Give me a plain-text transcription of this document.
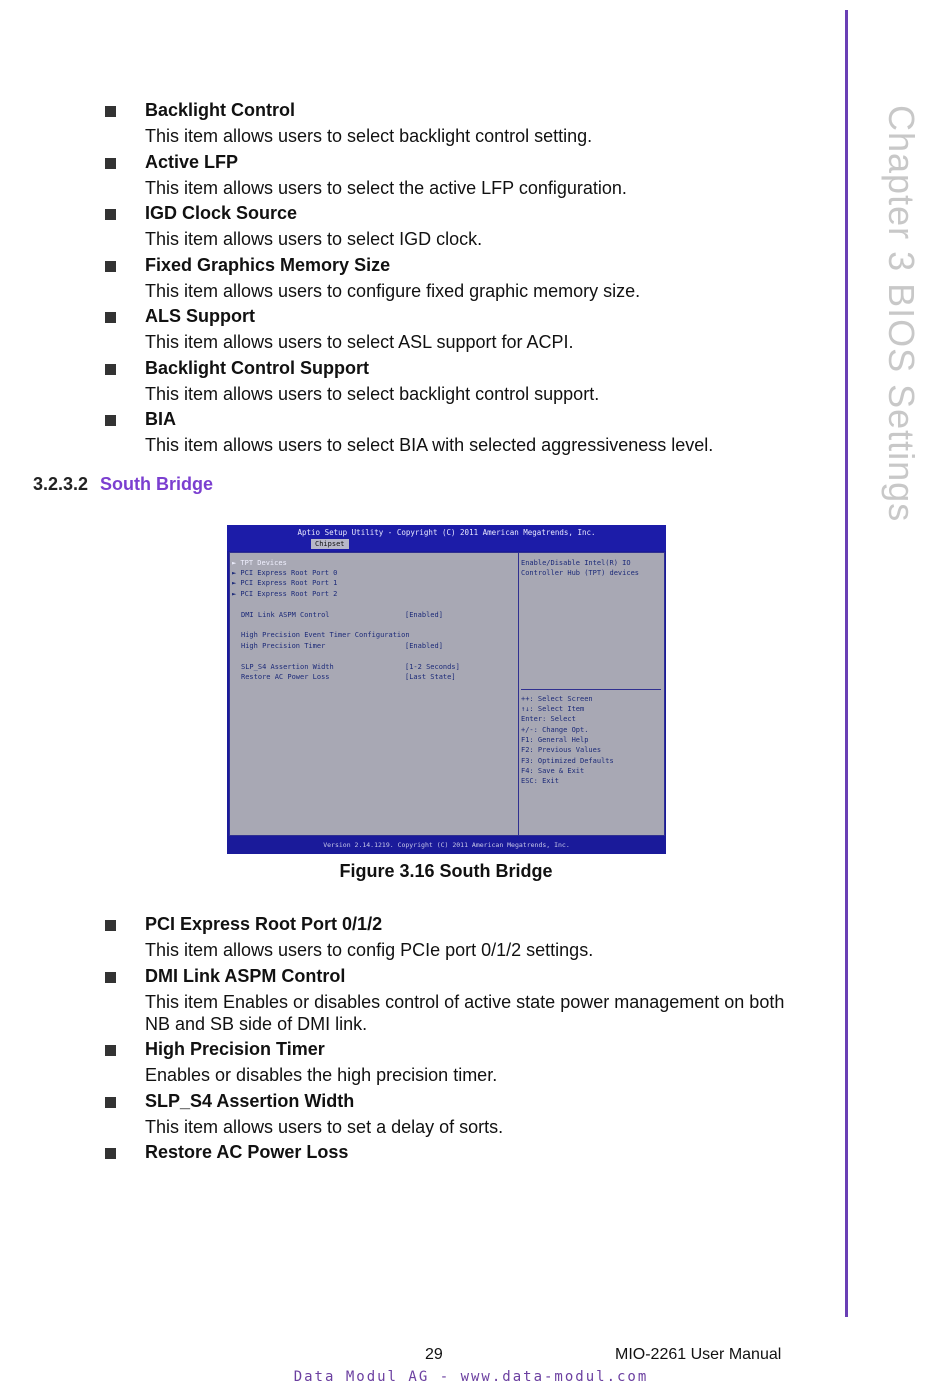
Chapter 3 BIOS Settings
Backlight Control
This item allows users to select backlight control setting.
Active LFP
This item allows users to select the active LFP configuration.
IGD Clock Source
This item allows users to select IGD clock.
Fixed Graphics Memory Size
This item allows users to configure fixed graphic memory size.
ALS Support
This item allows users to select ASL support for ACPI.
Backlight Control Support
This item allows users to select backlight control support.
BIA
This item allows users to select BIA with selected aggressiveness level.
3.2.3.2 South Bridge
Aptio Setup Utility - Copyright (C) 2011 American Megatrends, Inc.
Chipset
► TPT Devices
► PCI Express Root Port 0
► PCI Express Root Port 1
► PCI Express Root Port 2
DMI Link ASPM Control	[Enabled]
High Precision Event Timer Configuration
High Precision Timer	[Enabled]
SLP_S4 Assertion Width	[1-2 Seconds]
Restore AC Power Loss	[Last State]
Enable/Disable Intel(R) IO
Controller Hub (TPT) devices
++: Select Screen
↑↓: Select Item
Enter: Select
+/-: Change Opt.
F1: General Help
F2: Previous Values
F3: Optimized Defaults
F4: Save & Exit
ESC: Exit
Version 2.14.1219. Copyright (C) 2011 American Megatrends, Inc.
Figure 3.16 South Bridge
PCI Express Root Port 0/1/2
This item allows users to config PCIe port 0/1/2 settings.
DMI Link ASPM Control
This item Enables or disables control of active state power management on both NB and SB side of DMI link.
High Precision Timer
Enables or disables the high precision timer.
SLP_S4 Assertion Width
This item allows users to set a delay of sorts.
Restore AC Power Loss
29	MIO-2261 User Manual
Data Modul AG - www.data-modul.com
